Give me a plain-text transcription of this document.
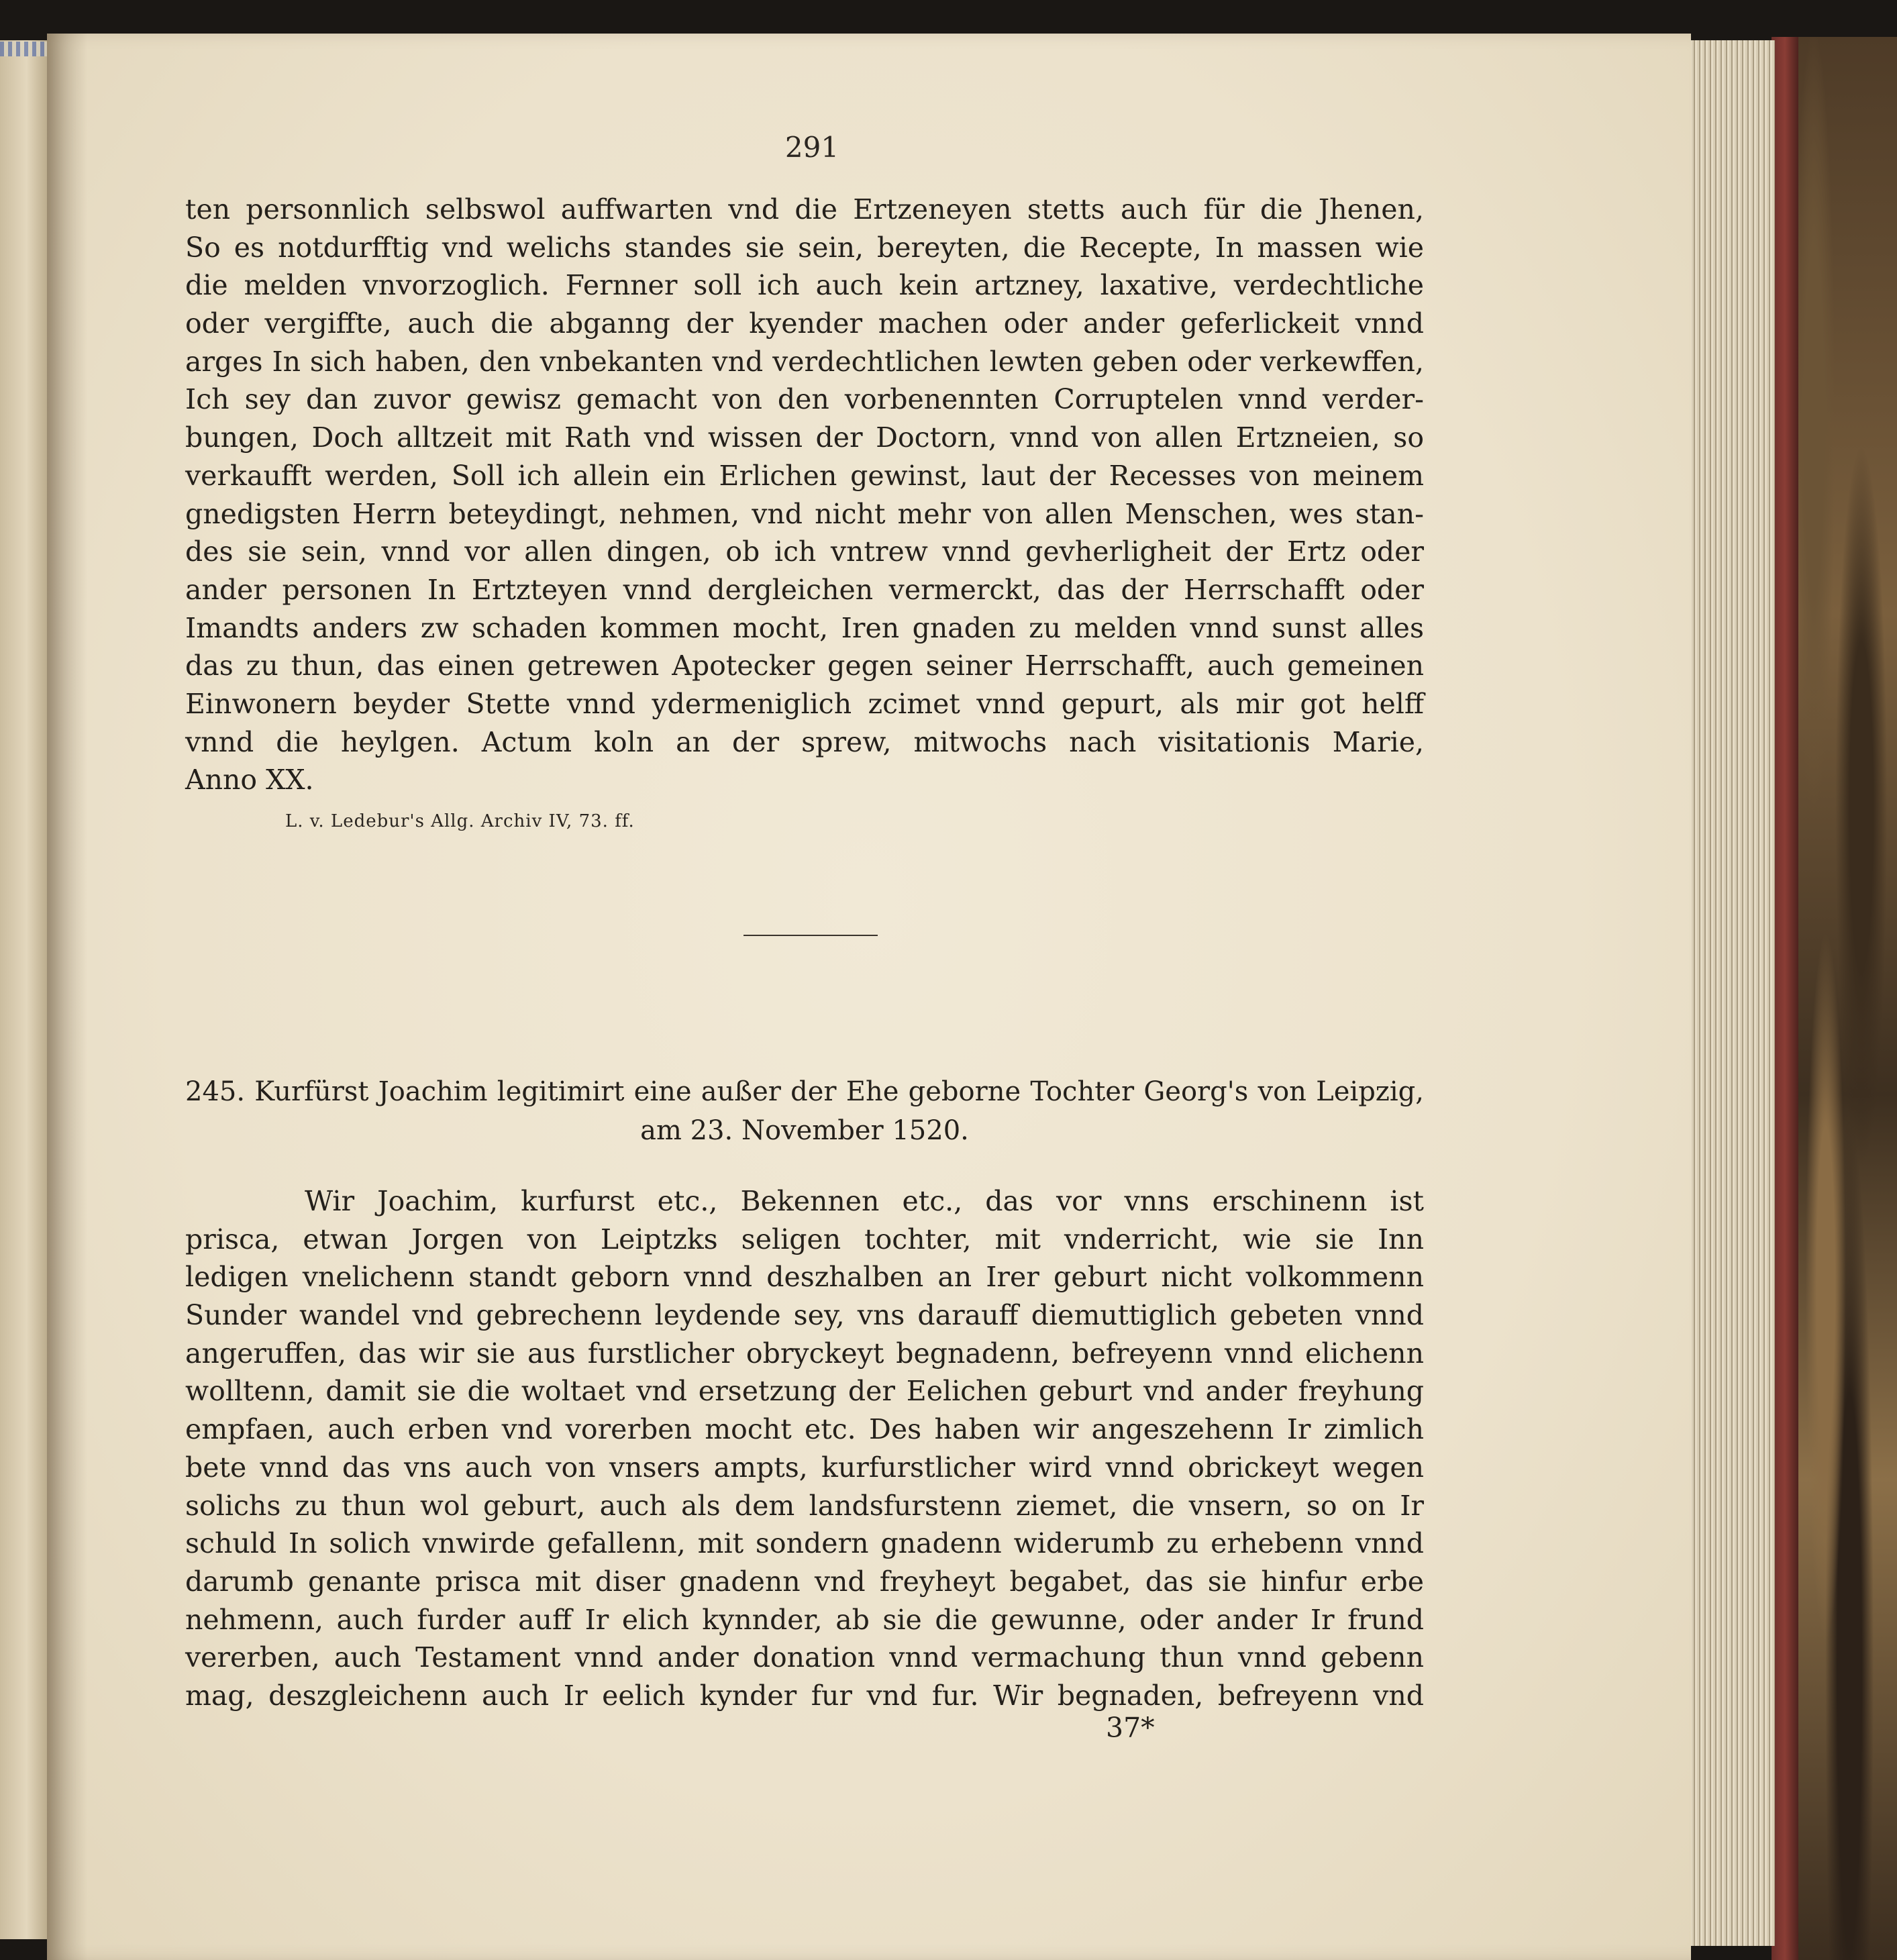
291
ten personnlich selbswol auffwarten vnd die Ertzeneyen stetts auch für die Jhenen,
So es notdurfftig vnd welichs standes sie sein, bereyten, die Recepte, In massen wie
die melden vnvorzoglich. Fernner soll ich auch kein artzney, laxative, verdechtliche
oder vergiffte, auch die abganng der kyender machen oder ander geferlickeit vnnd
arges In sich haben, den vnbekanten vnd verdechtlichen lewten geben oder verkewffen,
Ich sey dan zuvor gewisz gemacht von den vorbenennten Corruptelen vnnd verder-
bungen, Doch alltzeit mit Rath vnd wissen der Doctorn, vnnd von allen Ertzneien, so
verkaufft werden, Soll ich allein ein Erlichen gewinst, laut der Recesses von meinem
gnedigsten Herrn beteydingt, nehmen, vnd nicht mehr von allen Menschen, wes stan-
des sie sein, vnnd vor allen dingen, ob ich vntrew vnnd gevherligheit der Ertz oder
ander personen In Ertzteyen vnnd dergleichen vermerckt, das der Herrschafft oder
Imandts anders zw schaden kommen mocht, Iren gnaden zu melden vnnd sunst alles
das zu thun, das einen getrewen Apotecker gegen seiner Herrschafft, auch gemeinen
Einwonern beyder Stette vnnd ydermeniglich zcimet vnnd gepurt, als mir got helff
vnnd die heylgen. Actum koln an der sprew, mitwochs nach visitationis Marie,
Anno XX.
L. v. Ledebur's Allg. Archiv IV, 73. ff.
245. Kurfürst Joachim legitimirt eine außer der Ehe geborne Tochter Georg's von Leipzig,
am 23. November 1520.
Wir Joachim, kurfurst etc., Bekennen etc., das vor vnns erschinenn ist
prisca, etwan Jorgen von Leiptzks seligen tochter, mit vnderricht, wie sie Inn
ledigen vnelichenn standt geborn vnnd deszhalben an Irer geburt nicht volkommenn
Sunder wandel vnd gebrechenn leydende sey, vns darauff diemuttiglich gebeten vnnd
angeruffen, das wir sie aus furstlicher obryckeyt begnadenn, befreyenn vnnd elichenn
wolltenn, damit sie die woltaet vnd ersetzung der Eelichen geburt vnd ander freyhung
empfaen, auch erben vnd vorerben mocht etc. Des haben wir angeszehenn Ir zimlich
bete vnnd das vns auch von vnsers ampts, kurfurstlicher wird vnnd obrickeyt wegen
solichs zu thun wol geburt, auch als dem landsfurstenn ziemet, die vnsern, so on Ir
schuld In solich vnwirde gefallenn, mit sondern gnadenn widerumb zu erhebenn vnnd
darumb genante prisca mit diser gnadenn vnd freyheyt begabet, das sie hinfur erbe
nehmenn, auch furder auff Ir elich kynnder, ab sie die gewunne, oder ander Ir frund
vererben, auch Testament vnnd ander donation vnnd vermachung thun vnnd gebenn
mag, deszgleichenn auch Ir eelich kynder fur vnd fur. Wir begnaden, befreyenn vnd
37*
